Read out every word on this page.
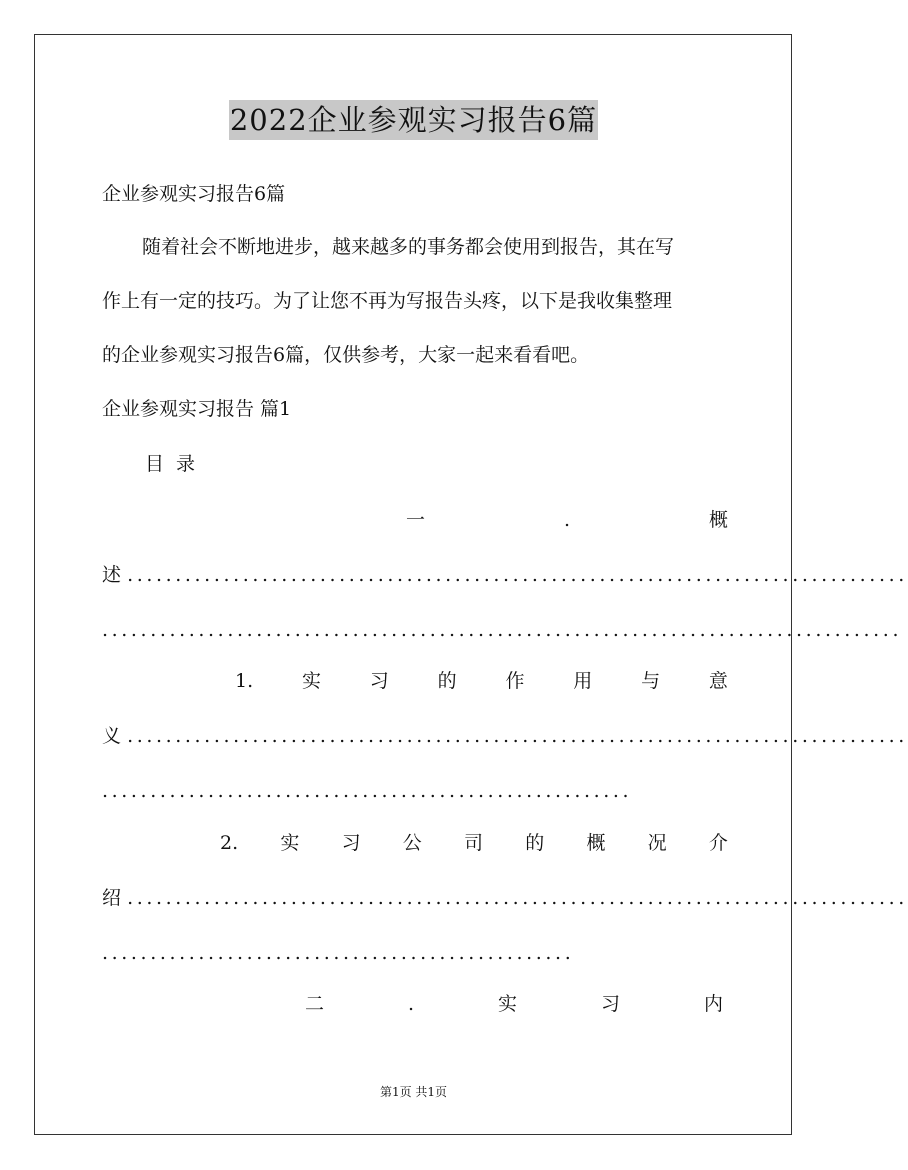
2022企业参观实习报告6篇
企业参观实习报告6篇
随着社会不断地进步，越来越多的事务都会使用到报告，其在写
作上有一定的技巧。为了让您不再为写报告头疼，以下是我收集整理
的企业参观实习报告6篇，仅供参考，大家一起来看看吧。
企业参观实习报告 篇1
目 录
一	.	概
述 .................................................................................
...................................................................................
1.	实	习	的	作	用	与	意
义 .................................................................................
.......................................................
2. 实 习 公 司 的 概 况 介
绍 .................................................................................
.................................................
二	.	实	习	内
第1页 共1页
